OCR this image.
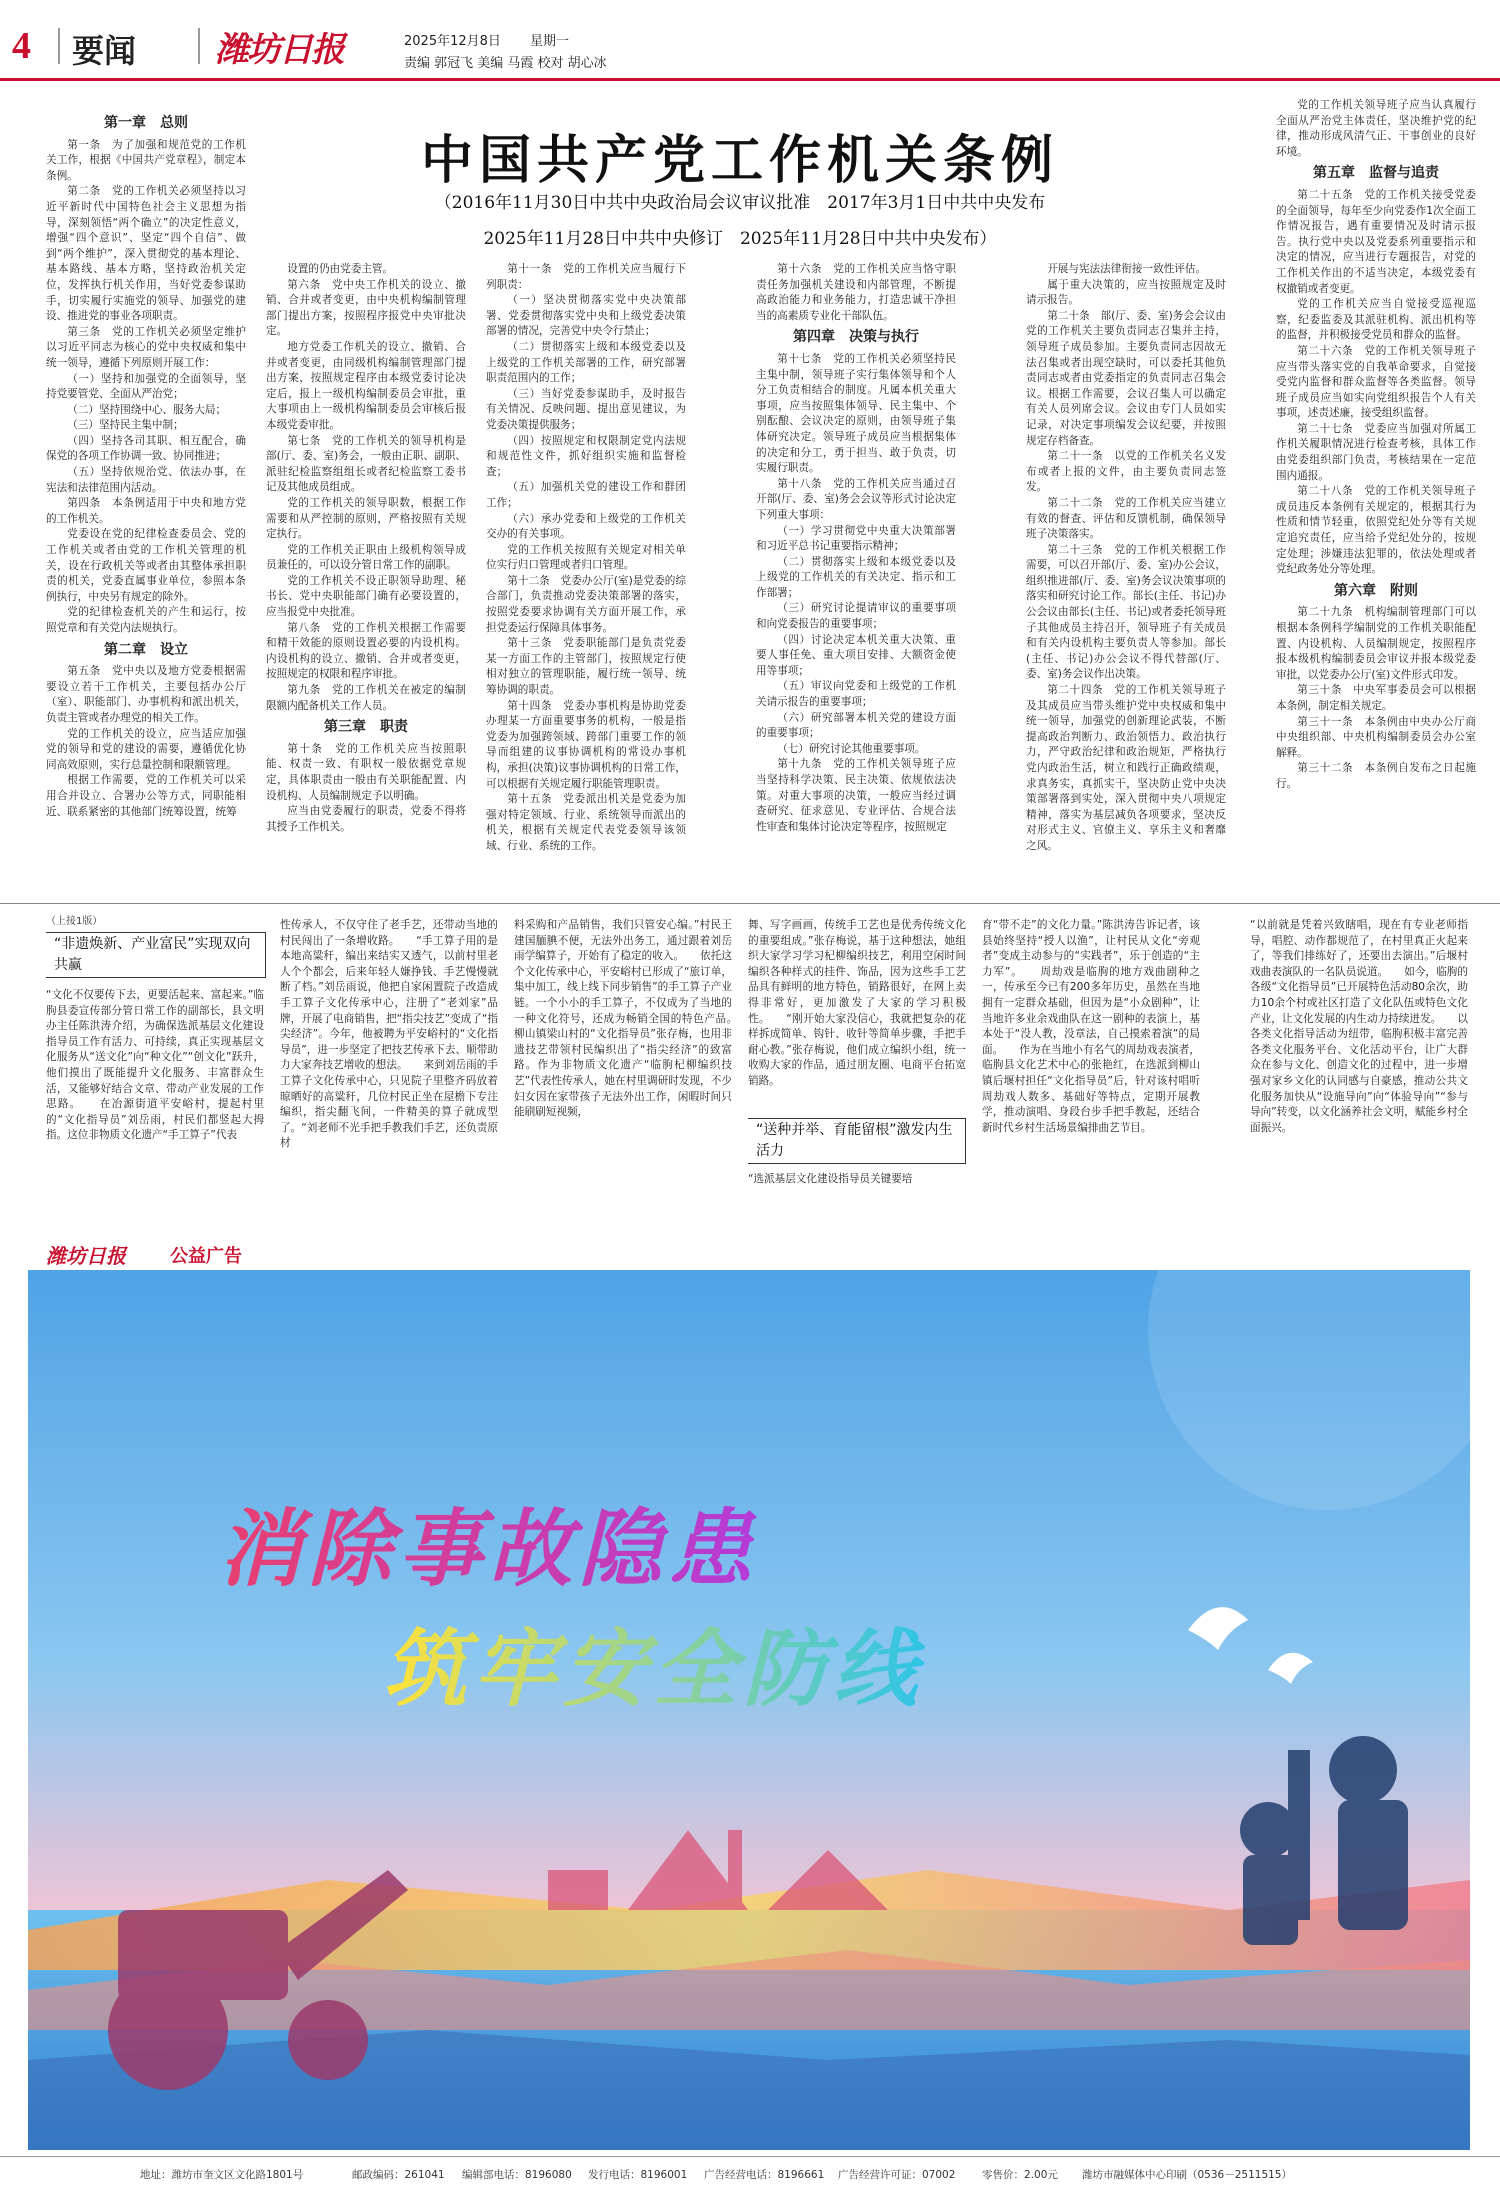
4	要闻	潍坊日报	2025年12月8日 星期一
责编 郭冠飞 美编 马霞 校对 胡心冰
中国共产党工作机关条例
（2016年11月30日中共中央政治局会议审议批准　2017年3月1日中共中央发布
2025年11月28日中共中央修订　2025年11月28日中共中央发布）
第一章　总则

第一条　为了加强和规范党的工作机关工作，根据《中国共产党章程》，制定本条例。

第二条　党的工作机关必须坚持以习近平新时代中国特色社会主义思想为指导，深刻领悟“两个确立”的决定性意义，增强“四个意识”、坚定“四个自信”、做到“两个维护”，深入贯彻党的基本理论、基本路线、基本方略，坚持政治机关定位，发挥执行机关作用，当好党委参谋助手，切实履行实施党的领导、加强党的建设、推进党的事业各项职责。

第三条　党的工作机关必须坚定维护以习近平同志为核心的党中央权威和集中统一领导，遵循下列原则开展工作：

（一）坚持和加强党的全面领导，坚持党要管党、全面从严治党；

（二）坚持围绕中心、服务大局；

（三）坚持民主集中制；

（四）坚持各司其职、相互配合，确保党的各项工作协调一致、协同推进；

（五）坚持依规治党、依法办事，在宪法和法律范围内活动。

第四条　本条例适用于中央和地方党的工作机关。

党委设在党的纪律检查委员会、党的工作机关或者由党的工作机关管理的机关，设在行政机关等或者由其整体承担职责的机关，党委直属事业单位，参照本条例执行，中央另有规定的除外。

党的纪律检查机关的产生和运行，按照党章和有关党内法规执行。

第二章　设立

第五条　党中央以及地方党委根据需要设立若干工作机关，主要包括办公厅（室）、职能部门、办事机构和派出机关，负责主管或者办理党的相关工作。

党的工作机关的设立，应当适应加强党的领导和党的建设的需要，遵循优化协同高效原则，实行总量控制和限额管理。

根据工作需要，党的工作机关可以采用合并设立、合署办公等方式，同职能相近、联系紧密的其他部门统筹设置，统筹

设置的仍由党委主管。

第六条　党中央工作机关的设立、撤销、合并或者变更，由中央机构编制管理部门提出方案，按照程序报党中央审批决定。

地方党委工作机关的设立、撤销、合并或者变更，由同级机构编制管理部门提出方案，按照规定程序由本级党委讨论决定后，报上一级机构编制委员会审批，重大事项由上一级机构编制委员会审核后报本级党委审批。

第七条　党的工作机关的领导机构是部(厅、委、室)务会，一般由正职、副职、派驻纪检监察组组长或者纪检监察工委书记及其他成员组成。

党的工作机关的领导职数，根据工作需要和从严控制的原则，严格按照有关规定执行。

党的工作机关正职由上级机构领导成员兼任的，可以设分管日常工作的副职。

党的工作机关不设正职领导助理、秘书长、党中央职能部门确有必要设置的，应当报党中央批准。

第八条　党的工作机关根据工作需要和精干效能的原则设置必要的内设机构。内设机构的设立、撤销、合并或者变更，按照规定的权限和程序审批。

第九条　党的工作机关在被定的编制限额内配备机关工作人员。

第三章　职责

第十条　党的工作机关应当按照职能、权责一致、有职权一般依据党章规定，具体职责由一般由有关职能配置、内设机构、人员编制规定予以明确。

应当由党委履行的职责，党委不得将其授予工作机关。

第十一条　党的工作机关应当履行下列职责：

（一）坚决贯彻落实党中央决策部署、党委贯彻落实党中央和上级党委决策部署的情况，完善党中央令行禁止；

（二）贯彻落实上级和本级党委以及上级党的工作机关部署的工作，研究部署职责范围内的工作；

（三）当好党委参谋助手，及时报告有关情况、反映问题、提出意见建议，为党委决策提供服务；

（四）按照规定和权限制定党内法规和规范性文件，抓好组织实施和监督检查；

（五）加强机关党的建设工作和群团工作；

（六）承办党委和上级党的工作机关交办的有关事项。

党的工作机关按照有关规定对相关单位实行归口管理或者归口管理。

第十二条　党委办公厅(室)是党委的综合部门，负责推动党委决策部署的落实，按照党委要求协调有关方面开展工作，承担党委运行保障具体事务。

第十三条　党委职能部门是负责党委某一方面工作的主管部门，按照规定行使相对独立的管理职能，履行统一领导、统筹协调的职责。

第十四条　党委办事机构是协助党委办理某一方面重要事务的机构，一般是指党委为加强跨领域、跨部门重要工作的领导而组建的议事协调机构的常设办事机构，承担(决策)议事协调机构的日常工作，可以根据有关规定履行职能管理职责。

第十五条　党委派出机关是党委为加强对特定领域、行业、系统领导而派出的机关，根据有关规定代表党委领导该领域、行业、系统的工作。

第十六条　党的工作机关应当恪守职责任务加强机关建设和内部管理，不断提高政治能力和业务能力，打造忠诚干净担当的高素质专业化干部队伍。

第四章　决策与执行

第十七条　党的工作机关必须坚持民主集中制，领导班子实行集体领导和个人分工负责相结合的制度。凡属本机关重大事项，应当按照集体领导、民主集中、个别酝酿、会议决定的原则，由领导班子集体研究决定。领导班子成员应当根据集体的决定和分工，勇于担当、敢于负责，切实履行职责。

第十八条　党的工作机关应当通过召开部(厅、委、室)务会会议等形式讨论决定下列重大事项：

（一）学习贯彻党中央重大决策部署和习近平总书记重要指示精神；

（二）贯彻落实上级和本级党委以及上级党的工作机关的有关决定、指示和工作部署；

（三）研究讨论提请审议的重要事项和向党委报告的重要事项；

（四）讨论决定本机关重大决策、重要人事任免、重大项目安排、大额资金使用等事项；

（五）审议向党委和上级党的工作机关请示报告的重要事项；

（六）研究部署本机关党的建设方面的重要事项；

（七）研究讨论其他重要事项。

第十九条　党的工作机关领导班子应当坚持科学决策、民主决策、依规依法决策。对重大事项的决策，一般应当经过调查研究、征求意见、专业评估、合规合法性审查和集体讨论决定等程序，按照规定

开展与宪法法律衔接一致性评估。

属于重大决策的，应当按照规定及时请示报告。

第二十条　部(厅、委、室)务会会议由党的工作机关主要负责同志召集并主持，领导班子成员参加。主要负责同志因故无法召集或者出现空缺时，可以委托其他负责同志或者由党委指定的负责同志召集会议。根据工作需要，会议召集人可以确定有关人员列席会议。会议由专门人员如实记录，对决定事项编发会议纪要，并按照规定存档备查。

第二十一条　以党的工作机关名义发布或者上报的文件，由主要负责同志签发。

第二十二条　党的工作机关应当建立有效的督查、评估和反馈机制，确保领导班子决策落实。

第二十三条　党的工作机关根据工作需要，可以召开部(厅、委、室)办公会议，组织推进部(厅、委、室)务会议决策事项的落实和研究讨论工作。部长(主任、书记)办公会议由部长(主任、书记)或者委托领导班子其他成员主持召开，领导班子有关成员和有关内设机构主要负责人等参加。部长(主任、书记)办公会议不得代替部(厅、委、室)务会议作出决策。

第二十四条　党的工作机关领导班子及其成员应当带头维护党中央权威和集中统一领导，加强党的创新理论武装，不断提高政治判断力、政治领悟力、政治执行力，严守政治纪律和政治规矩，严格执行党内政治生活，树立和践行正确政绩观，求真务实，真抓实干，坚决防止党中央决策部署落到实处，深入贯彻中央八项规定精神，落实为基层减负各项要求，坚决反对形式主义、官僚主义、享乐主义和奢靡之风。

党的工作机关领导班子应当认真履行全面从严治党主体责任，坚决维护党的纪律，推动形成风清气正、干事创业的良好环境。

第五章　监督与追责

第二十五条　党的工作机关接受党委的全面领导，每年至少向党委作1次全面工作情况报告，遇有重要情况及时请示报告。执行党中央以及党委系列重要指示和决定的情况，应当进行专题报告，对党的工作机关作出的不适当决定，本级党委有权撤销或者变更。

党的工作机关应当自觉接受巡视巡察，纪委监委及其派驻机构、派出机构等的监督，并积极接受党员和群众的监督。

第二十六条　党的工作机关领导班子应当带头落实党的自我革命要求，自觉接受党内监督和群众监督等各类监督。领导班子成员应当如实向党组织报告个人有关事项，述责述廉，接受组织监督。

第二十七条　党委应当加强对所属工作机关履职情况进行检查考核，具体工作由党委组织部门负责，考核结果在一定范围内通报。

第二十八条　党的工作机关领导班子成员违反本条例有关规定的，根据其行为性质和情节轻重，依照党纪处分等有关规定追究责任，应当给予党纪处分的，按规定处理；涉嫌违法犯罪的，依法处理或者党纪政务处分等处理。

第六章　附则

第二十九条　机构编制管理部门可以根据本条例科学编制党的工作机关职能配置、内设机构、人员编制规定，按照程序报本级机构编制委员会审议并报本级党委审批，以党委办公厅(室)文件形式印发。

第三十条　中央军事委员会可以根据本条例，制定相关规定。

第三十一条　本条例由中央办公厅商中央组织部、中央机构编制委员会办公室解释。

第三十二条　本条例自发布之日起施行。

（上接1版）
“非遗焕新、产业富民”实现双向共赢
“文化不仅要传下去，更要活起来、富起来。”临朐县委宣传部分管日常工作的副部长，县文明办主任陈洪涛介绍，为确保选派基层文化建设指导员工作有活力、可持续，真正实现基层文化服务从“送文化”向“种文化”“创文化”跃升，他们摸出了既能提升文化服务、丰富群众生活，又能够好结合文章、带动产业发展的工作思路。　　在冶源街道平安峪村，提起村里的“文化指导员”刘岳雨，村民们都竖起大拇指。这位非物质文化遗产“手工算子”代表
性传承人，不仅守住了老手艺，还带动当地的村民闯出了一条增收路。　　“手工算子用的是本地高粱秆，编出来结实又透气，以前村里老人个个都会，后来年轻人嫌挣钱、手艺慢慢就断了档。”刘岳雨说，他把自家闲置院子改造成手工算子文化传承中心，注册了“老刘家”品牌，开展了电商销售，把“指尖技艺”变成了“指尖经济”。今年，他被聘为平安峪村的“文化指导员”，进一步坚定了把技艺传承下去、顺带助力大家奔技艺增收的想法。　　来到刘岳雨的手工算子文化传承中心，只见院子里整齐码放着晾晒好的高粱秆，几位村民正坐在屋檐下专注编织，指尖翻飞间，一件精美的算子就成型了。“刘老师不光手把手教我们手艺，还负责原材
料采购和产品销售，我们只管安心编。”村民王建国腼腆不便，无法外出务工，通过跟着刘岳雨学编算子，开始有了稳定的收入。　　依托这个文化传承中心，平安峪村已形成了“旅订单，集中加工，线上线下同步销售”的手工算子产业链。一个小小的手工算子，不仅成为了当地的一种文化符号，还成为畅销全国的特色产品。　　柳山镇梁山村的“文化指导员”张存梅，也用非遗技艺带领村民编织出了“指尖经济”的致富路。作为非物质文化遗产“临朐杞柳编织技艺”代表性传承人，她在村里调研时发现，不少妇女因在家带孩子无法外出工作，闲暇时间只能刷刷短视频，
舞、写字画画，传统手工艺也是优秀传统文化的重要组成。”张存梅说，基于这种想法，她组织大家学习学习杞柳编织技艺，利用空闲时间编织各种样式的挂件、饰品，因为这些手工艺品具有鲜明的地方特色，销路很好，在网上卖得非常好，更加激发了大家的学习积极性。　　“刚开始大家没信心，我就把复杂的花样拆成简单、钩针、收针等简单步骤，手把手耐心教。”张存梅说，他们成立编织小组，统一收购大家的作品，通过朋友圈、电商平台拓宽销路。
“送种并举、育能留根”激发内生活力
“选派基层文化建设指导员关键要培
育“带不走”的文化力量。”陈洪涛告诉记者，该县始终坚持“授人以渔”，让村民从文化“旁观者”变成主动参与的“实践者”，乐于创造的“主力军”。　　周劫戏是临朐的地方戏曲剧种之一，传承至今已有200多年历史，虽然在当地拥有一定群众基础，但因为是“小众剧种”，让当地许多业余戏曲队在这一剧种的表演上，基本处于“没人教，没章法，自己摸索着演”的局面。　　作为在当地小有名气的周劫戏表演者，临朐县文化艺术中心的张艳红，在选派到柳山镇后堰村担任“文化指导员”后，针对该村唱听周劫戏人数多、基础好等特点，定期开展教学，推动演唱、身段台步手把手教起，还结合新时代乡村生活场景编排曲艺节目。
“以前就是凭着兴致瞎唱，现在有专业老师指导，唱腔、动作都规范了，在村里真正火起来了，等我们排练好了，还要出去演出。”后堰村戏曲表演队的一名队员说道。　　如今，临朐的各级“文化指导员”已开展特色活动80余次，助力10余个村或社区打造了文化队伍或特色文化产业，让文化发展的内生动力持续迸发。　　以各类文化指导活动为纽带，临朐积极丰富完善各类文化服务平台、文化活动平台，让广大群众在参与文化、创造文化的过程中，进一步增强对家乡文化的认同感与自豪感，推动公共文化服务加快从“设施导向”向“体验导向”“参与导向”转变，以文化涵养社会文明，赋能乡村全面振兴。
潍坊日报 公益广告
消除事故隐患
筑牢安全防线
地址：潍坊市奎文区文化路1801号	邮政编码：261041 编辑部电话：8196080 发行电话：8196001 广告经营电话：8196661 广告经营许可证：07002	零售价：2.00元 潍坊市融媒体中心印刷（0536－2511515）
